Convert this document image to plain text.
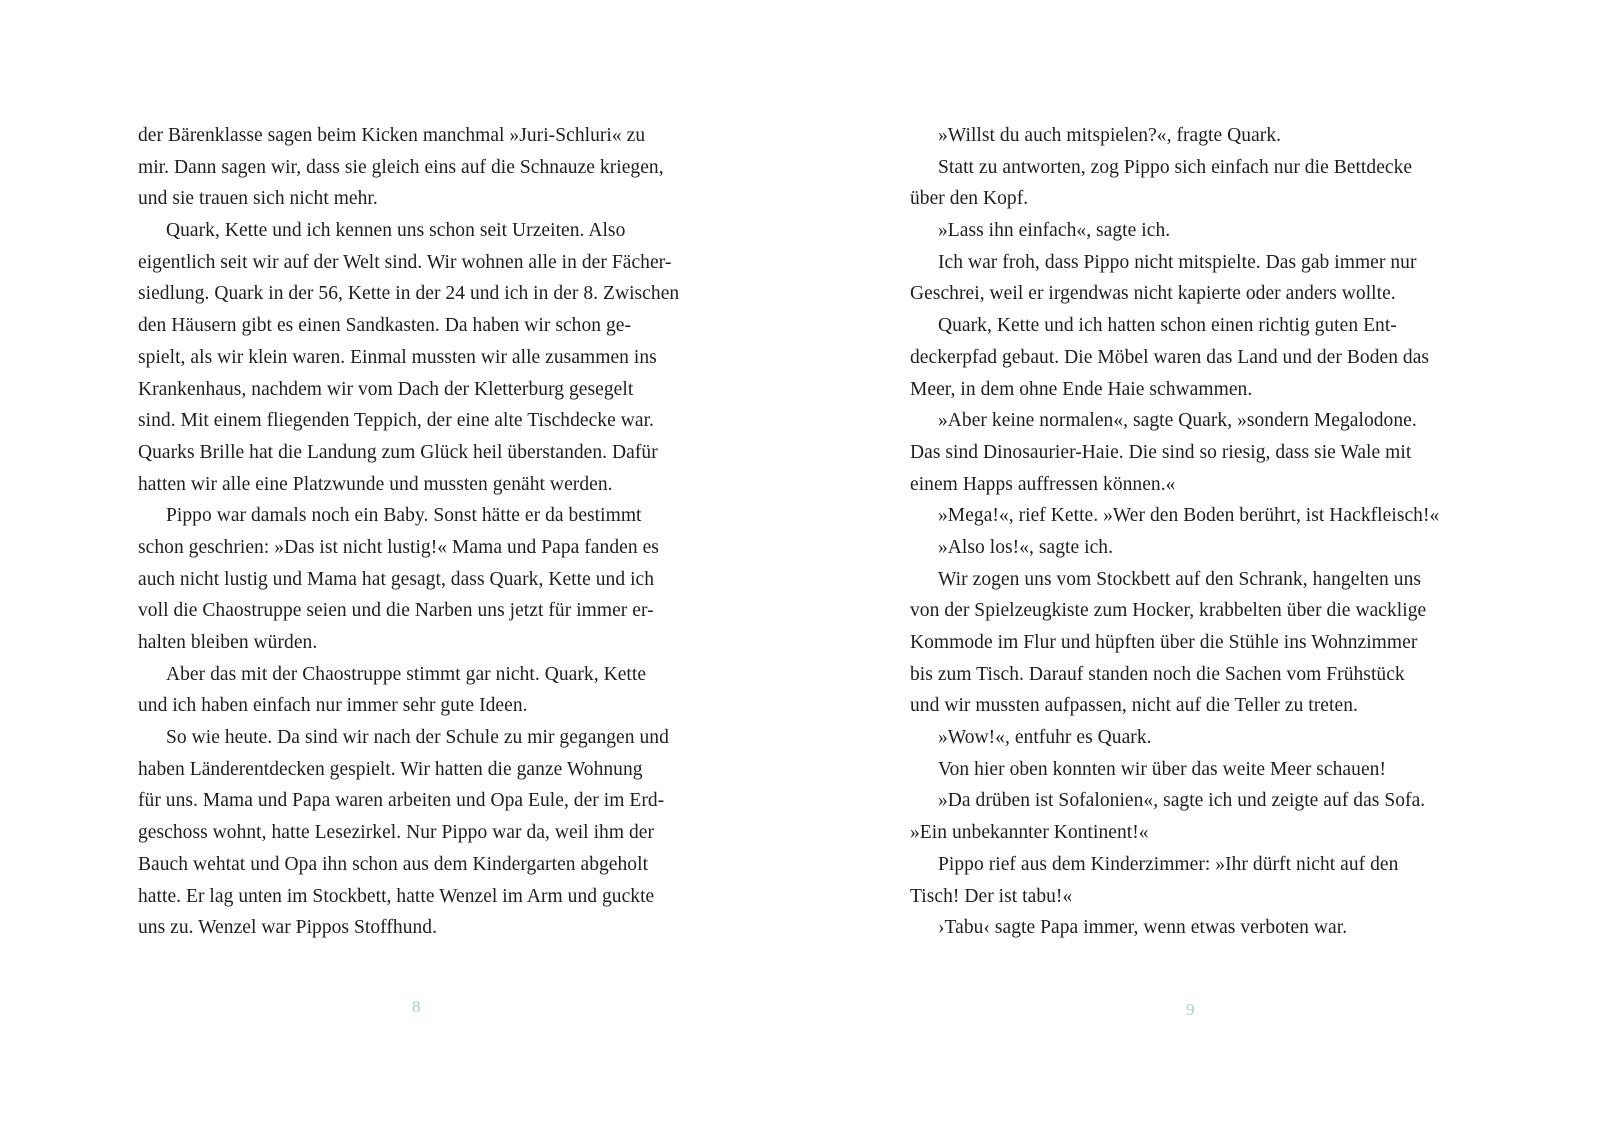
der Bärenklasse sagen beim Kicken manchmal »Juri-Schluri« zu
mir. Dann sagen wir, dass sie gleich eins auf die Schnauze kriegen,
und sie trauen sich nicht mehr.
Quark, Kette und ich kennen uns schon seit Urzeiten. Also
eigentlich seit wir auf der Welt sind. Wir wohnen alle in der Fächer-
siedlung. Quark in der 56, Kette in der 24 und ich in der 8. Zwischen
den Häusern gibt es einen Sandkasten. Da haben wir schon ge-
spielt, als wir klein waren. Einmal mussten wir alle zusammen ins
Krankenhaus, nachdem wir vom Dach der Kletterburg gesegelt
sind. Mit einem fliegenden Teppich, der eine alte Tischdecke war.
Quarks Brille hat die Landung zum Glück heil überstanden. Dafür
hatten wir alle eine Platzwunde und mussten genäht werden.
Pippo war damals noch ein Baby. Sonst hätte er da bestimmt
schon geschrien: »Das ist nicht lustig!« Mama und Papa fanden es
auch nicht lustig und Mama hat gesagt, dass Quark, Kette und ich
voll die Chaostruppe seien und die Narben uns jetzt für immer er-
halten bleiben würden.
Aber das mit der Chaostruppe stimmt gar nicht. Quark, Kette
und ich haben einfach nur immer sehr gute Ideen.
So wie heute. Da sind wir nach der Schule zu mir gegangen und
haben Länderentdecken gespielt. Wir hatten die ganze Wohnung
für uns. Mama und Papa waren arbeiten und Opa Eule, der im Erd-
geschoss wohnt, hatte Lesezirkel. Nur Pippo war da, weil ihm der
Bauch wehtat und Opa ihn schon aus dem Kindergarten abgeholt
hatte. Er lag unten im Stockbett, hatte Wenzel im Arm und guckte
uns zu. Wenzel war Pippos Stoffhund.
8
»Willst du auch mitspielen?«, fragte Quark.
Statt zu antworten, zog Pippo sich einfach nur die Bettdecke
über den Kopf.
»Lass ihn einfach«, sagte ich.
Ich war froh, dass Pippo nicht mitspielte. Das gab immer nur
Geschrei, weil er irgendwas nicht kapierte oder anders wollte.
Quark, Kette und ich hatten schon einen richtig guten Ent-
deckerpfad gebaut. Die Möbel waren das Land und der Boden das
Meer, in dem ohne Ende Haie schwammen.
»Aber keine normalen«, sagte Quark, »sondern Megalodone.
Das sind Dinosaurier-Haie. Die sind so riesig, dass sie Wale mit
einem Happs auffressen können.«
»Mega!«, rief Kette. »Wer den Boden berührt, ist Hackfleisch!«
»Also los!«, sagte ich.
Wir zogen uns vom Stockbett auf den Schrank, hangelten uns
von der Spielzeugkiste zum Hocker, krabbelten über die wacklige
Kommode im Flur und hüpften über die Stühle ins Wohnzimmer
bis zum Tisch. Darauf standen noch die Sachen vom Frühstück
und wir mussten aufpassen, nicht auf die Teller zu treten.
»Wow!«, entfuhr es Quark.
Von hier oben konnten wir über das weite Meer schauen!
»Da drüben ist Sofalonien«, sagte ich und zeigte auf das Sofa.
»Ein unbekannter Kontinent!«
Pippo rief aus dem Kinderzimmer: »Ihr dürft nicht auf den
Tisch! Der ist tabu!«
›Tabu‹ sagte Papa immer, wenn etwas verboten war.
9
